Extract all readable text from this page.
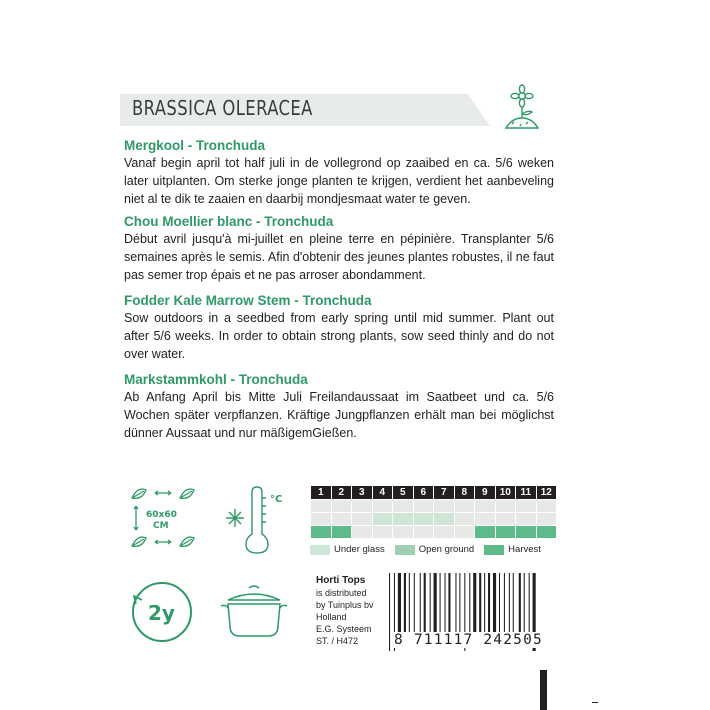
BRASSICA OLERACEA
Mergkool - Tronchuda
Vanaf begin april tot half juli in de vollegrond op zaaibed en ca. 5/6 weken later uitplanten. Om sterke jonge planten te krijgen, verdient het aanbeveling niet al te dik te zaaien en daarbij mondjesmaat water te geven.
Chou Moellier blanc - Tronchuda
Début avril jusqu'à mi-juillet en pleine terre en pépinière. Transplanter 5/6 semaines après le semis. Afin d'obtenir des jeunes plantes robustes, il ne faut pas semer trop épais et ne pas arroser abondamment.
Fodder Kale Marrow Stem - Tronchuda
Sow outdoors in a seedbed from early spring until mid summer. Plant out after 5/6 weeks. In order to obtain strong plants, sow seed thinly and do not over water.
Markstammkohl - Tronchuda
Ab Anfang April bis Mitte Juli Freilandaussaat im Saatbeet und ca. 5/6 Wochen später verpflanzen. Kräftige Jungpflanzen erhält man bei möglichst dünner Aussaat und nur mäßigemGießen.
60x60
CM
°C
2y
1	2	3	4	5	6	7	8	9	10	11	12

Under glass	Open ground	Harvest
Horti Tops
is distributed
by Tuinplus bv
Holland
E.G. Systeem
ST. / H472	8 711117 242505
